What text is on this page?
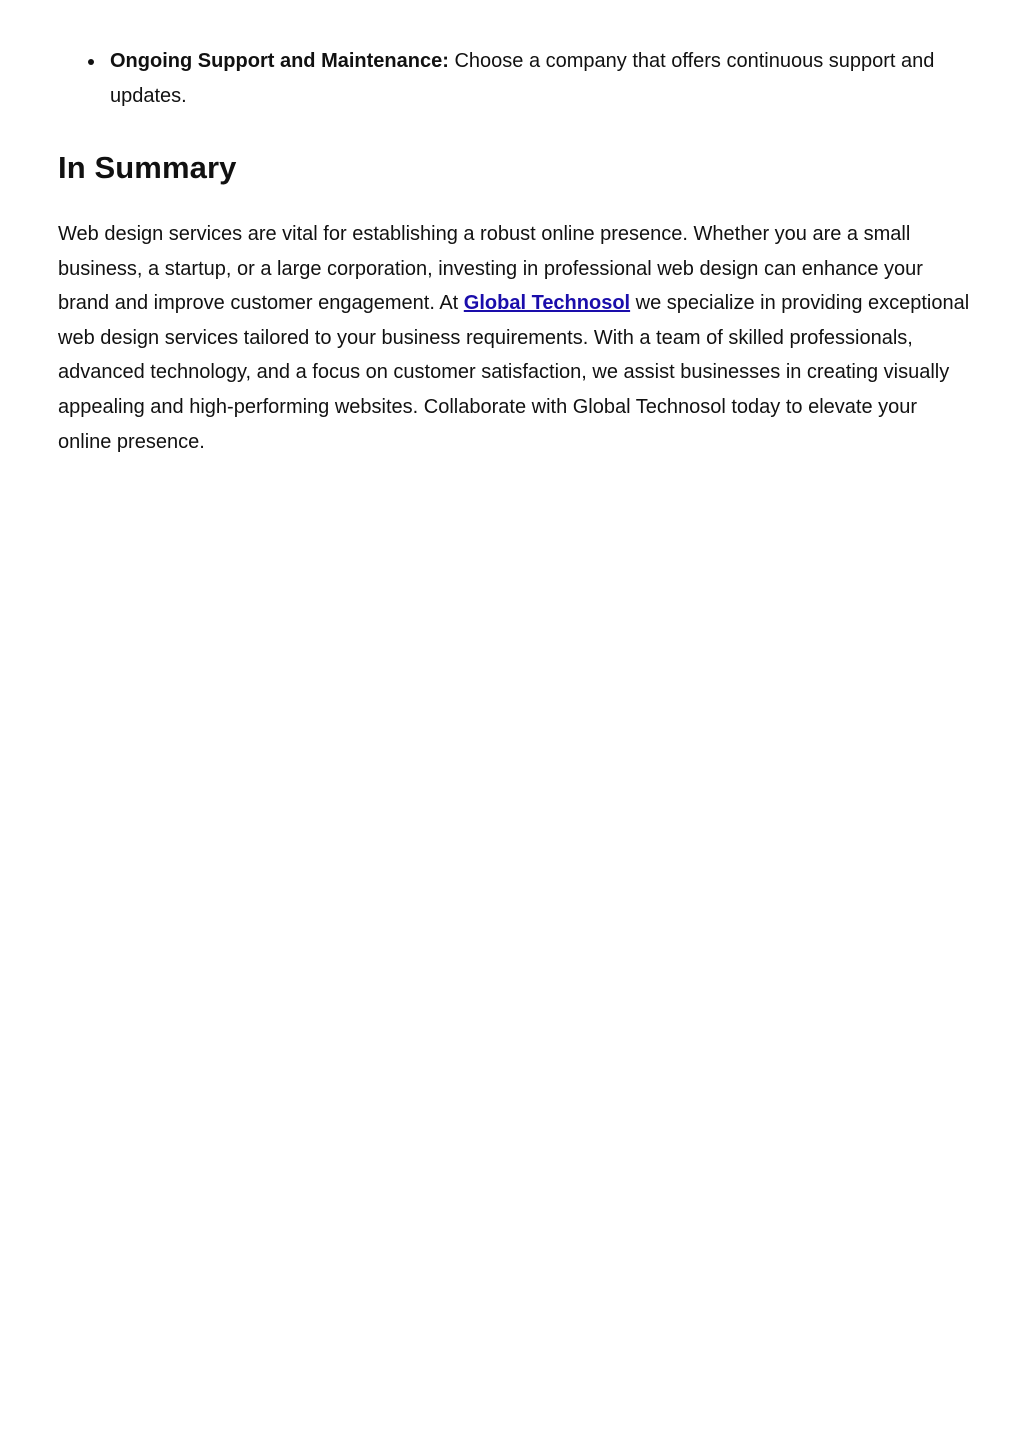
Ongoing Support and Maintenance: Choose a company that offers continuous support and updates.
In Summary

Web design services are vital for establishing a robust online presence. Whether you are a small business, a startup, or a large corporation, investing in professional web design can enhance your brand and improve customer engagement. At Global Technosol we specialize in providing exceptional web design services tailored to your business requirements. With a team of skilled professionals, advanced technology, and a focus on customer satisfaction, we assist businesses in creating visually appealing and high-performing websites. Collaborate with Global Technosol today to elevate your online presence.
